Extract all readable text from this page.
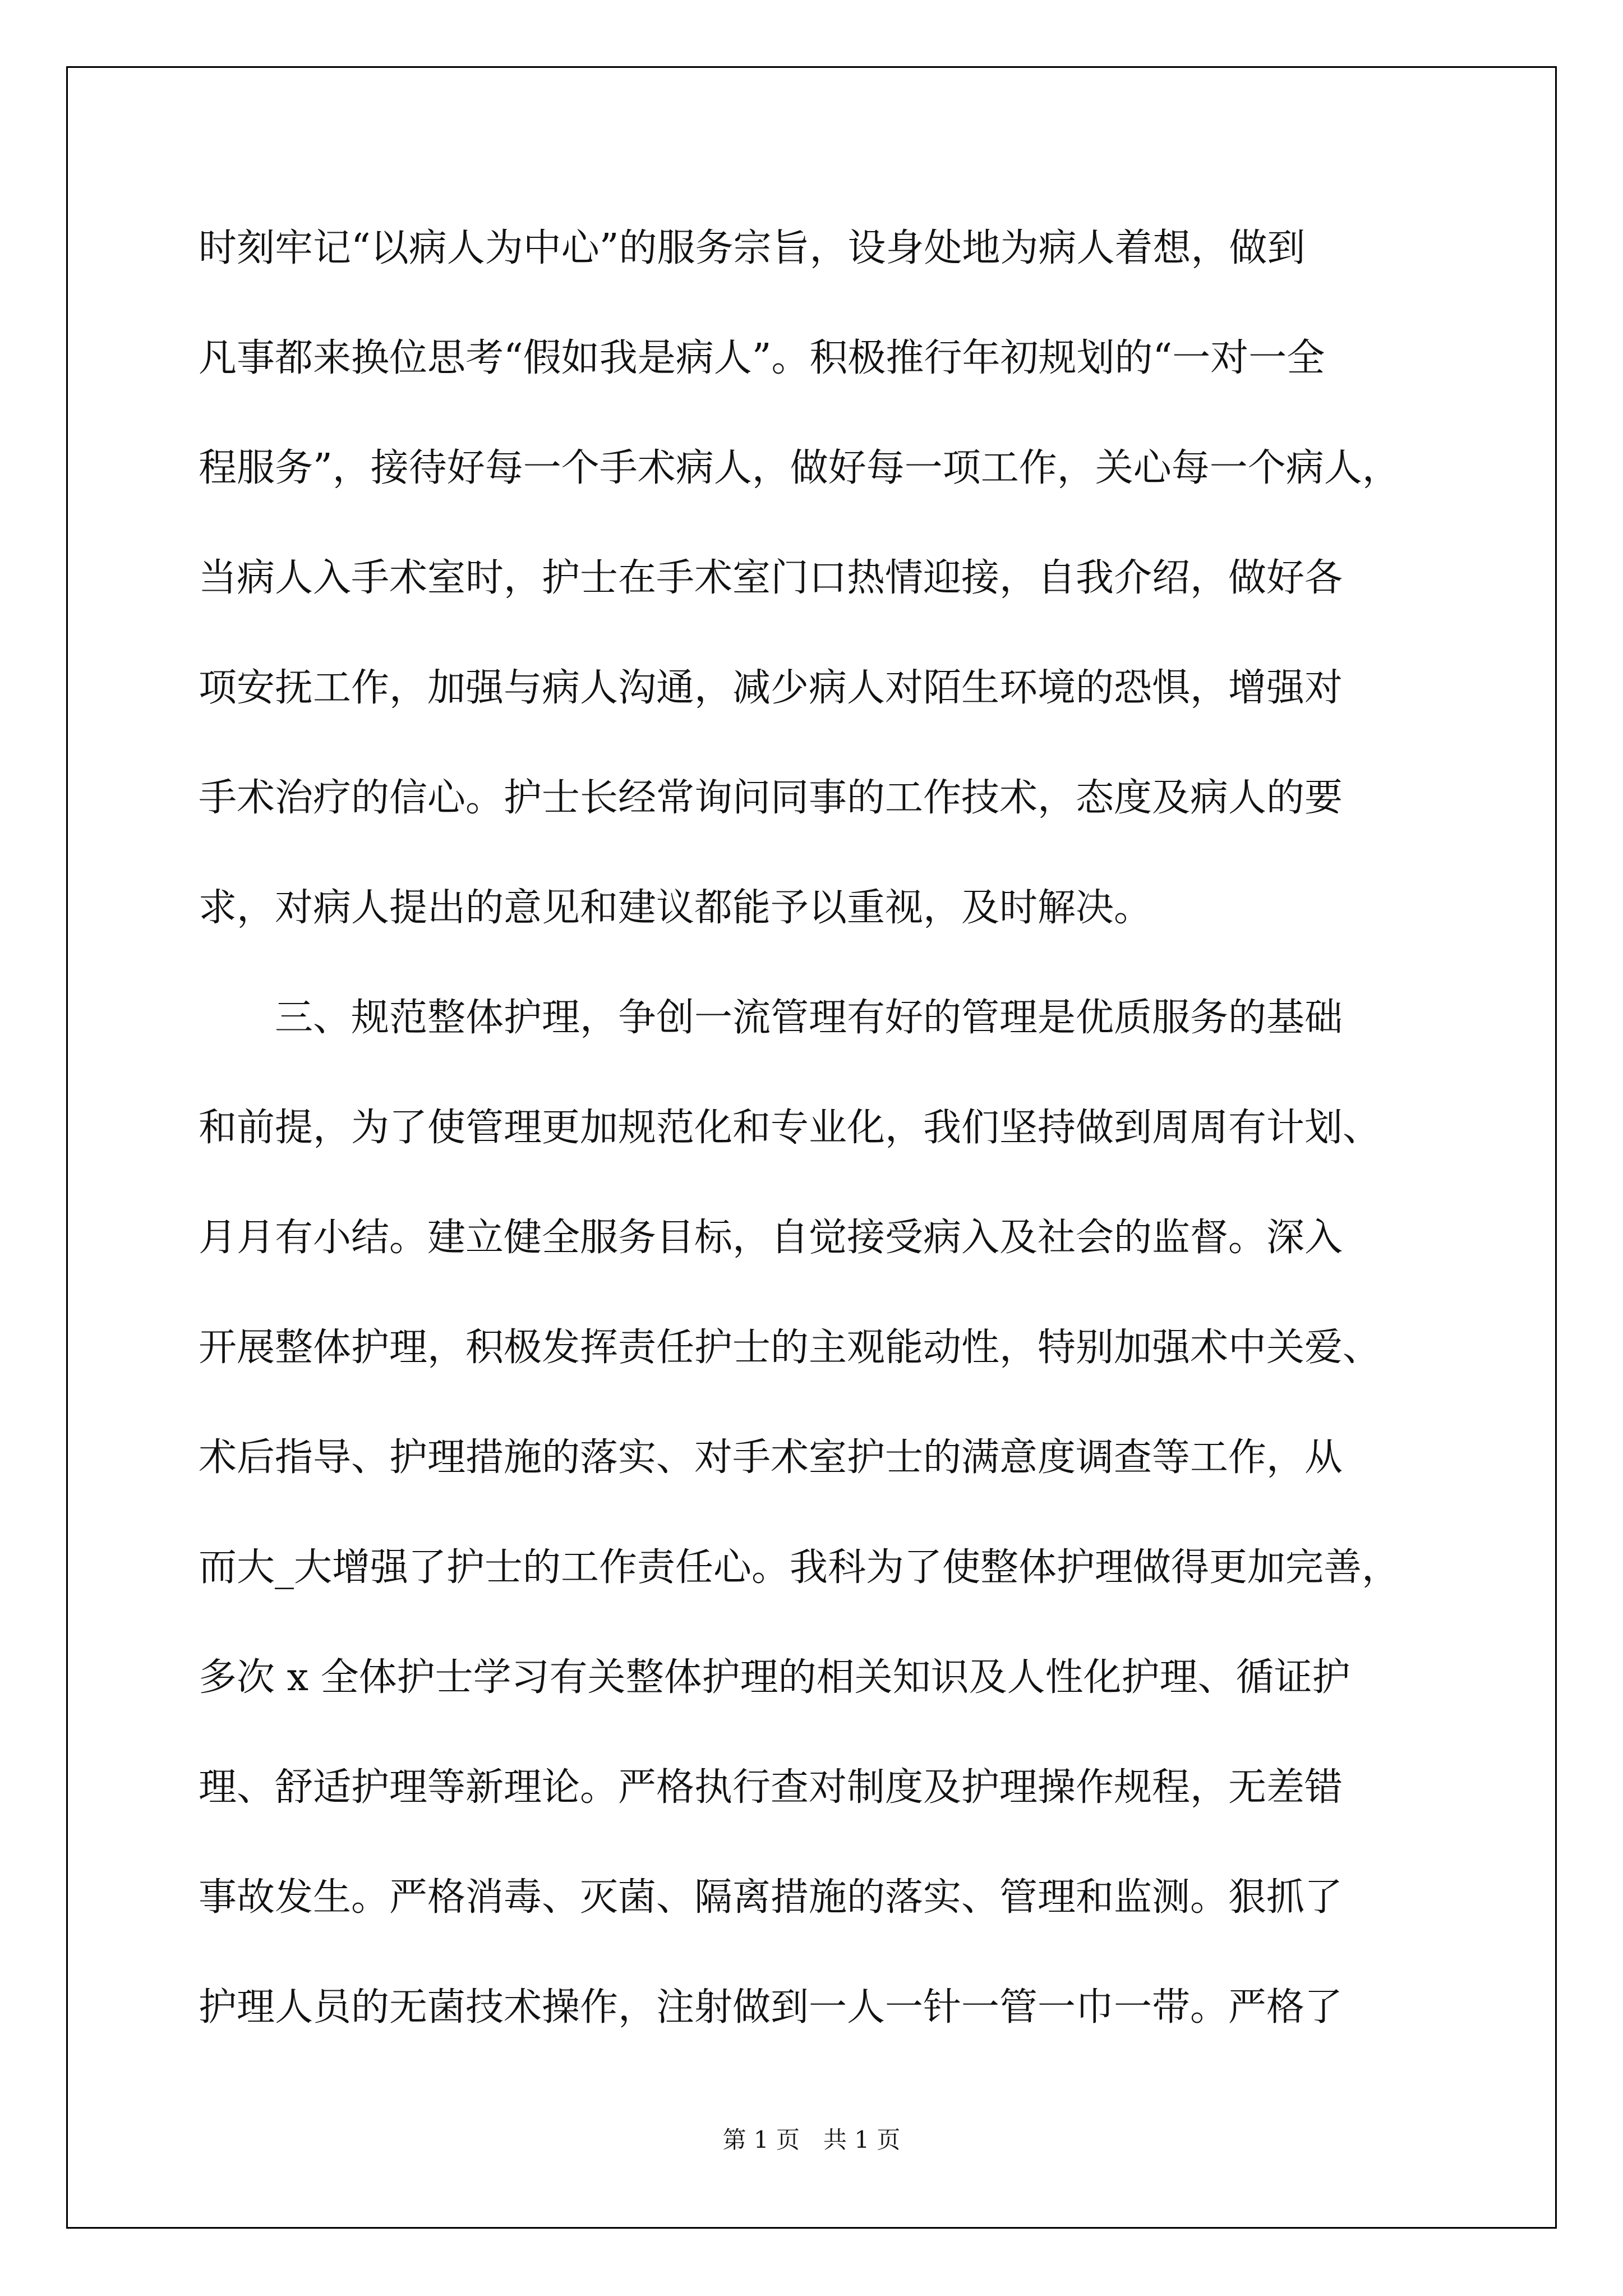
时刻牢记“以病人为中心”的服务宗旨，设身处地为病人着想，做到
凡事都来换位思考“假如我是病人”。积极推行年初规划的“一对一全
程服务”，接待好每一个手术病人，做好每一项工作，关心每一个病人，
当病人入手术室时，护士在手术室门口热情迎接，自我介绍，做好各
项安抚工作，加强与病人沟通，减少病人对陌生环境的恐惧，增强对
手术治疗的信心。护士长经常询问同事的工作技术，态度及病人的要
求，对病人提出的意见和建议都能予以重视，及时解决。
　　三、规范整体护理，争创一流管理有好的管理是优质服务的基础
和前提，为了使管理更加规范化和专业化，我们坚持做到周周有计划、
月月有小结。建立健全服务目标，自觉接受病入及社会的监督。深入
开展整体护理，积极发挥责任护士的主观能动性，特别加强术中关爱、
术后指导、护理措施的落实、对手术室护士的满意度调查等工作，从
而大_大增强了护士的工作责任心。我科为了使整体护理做得更加完善，
多次 x 全体护士学习有关整体护理的相关知识及人性化护理、循证护
理、舒适护理等新理论。严格执行查对制度及护理操作规程，无差错
事故发生。严格消毒、灭菌、隔离措施的落实、管理和监测。狠抓了
护理人员的无菌技术操作，注射做到一人一针一管一巾一带。严格了
第 1 页　共 1 页
